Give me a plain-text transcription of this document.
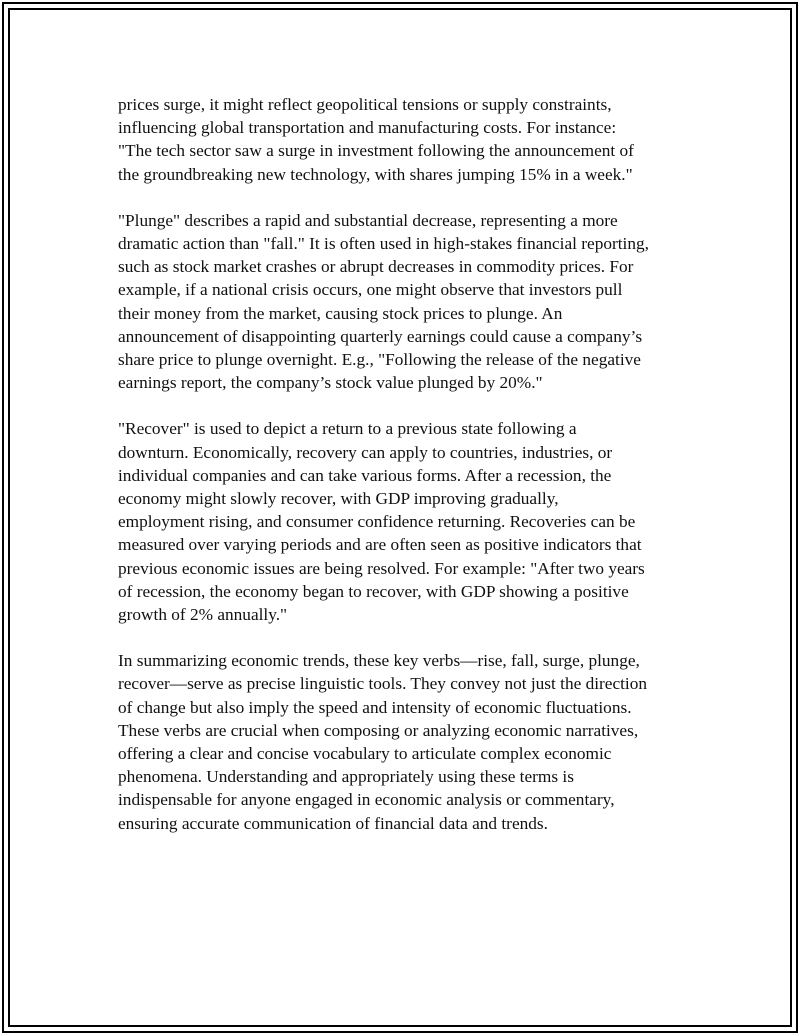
prices surge, it might reflect geopolitical tensions or supply constraints,
influencing global transportation and manufacturing costs. For instance:
"The tech sector saw a surge in investment following the announcement of
the groundbreaking new technology, with shares jumping 15% in a week."

"Plunge" describes a rapid and substantial decrease, representing a more
dramatic action than "fall." It is often used in high-stakes financial reporting,
such as stock market crashes or abrupt decreases in commodity prices. For
example, if a national crisis occurs, one might observe that investors pull
their money from the market, causing stock prices to plunge. An
announcement of disappointing quarterly earnings could cause a company’s
share price to plunge overnight. E.g., "Following the release of the negative
earnings report, the company’s stock value plunged by 20%."

"Recover" is used to depict a return to a previous state following a
downturn. Economically, recovery can apply to countries, industries, or
individual companies and can take various forms. After a recession, the
economy might slowly recover, with GDP improving gradually,
employment rising, and consumer confidence returning. Recoveries can be
measured over varying periods and are often seen as positive indicators that
previous economic issues are being resolved. For example: "After two years
of recession, the economy began to recover, with GDP showing a positive
growth of 2% annually."

In summarizing economic trends, these key verbs—rise, fall, surge, plunge,
recover—serve as precise linguistic tools. They convey not just the direction
of change but also imply the speed and intensity of economic fluctuations.
These verbs are crucial when composing or analyzing economic narratives,
offering a clear and concise vocabulary to articulate complex economic
phenomena. Understanding and appropriately using these terms is
indispensable for anyone engaged in economic analysis or commentary,
ensuring accurate communication of financial data and trends.
